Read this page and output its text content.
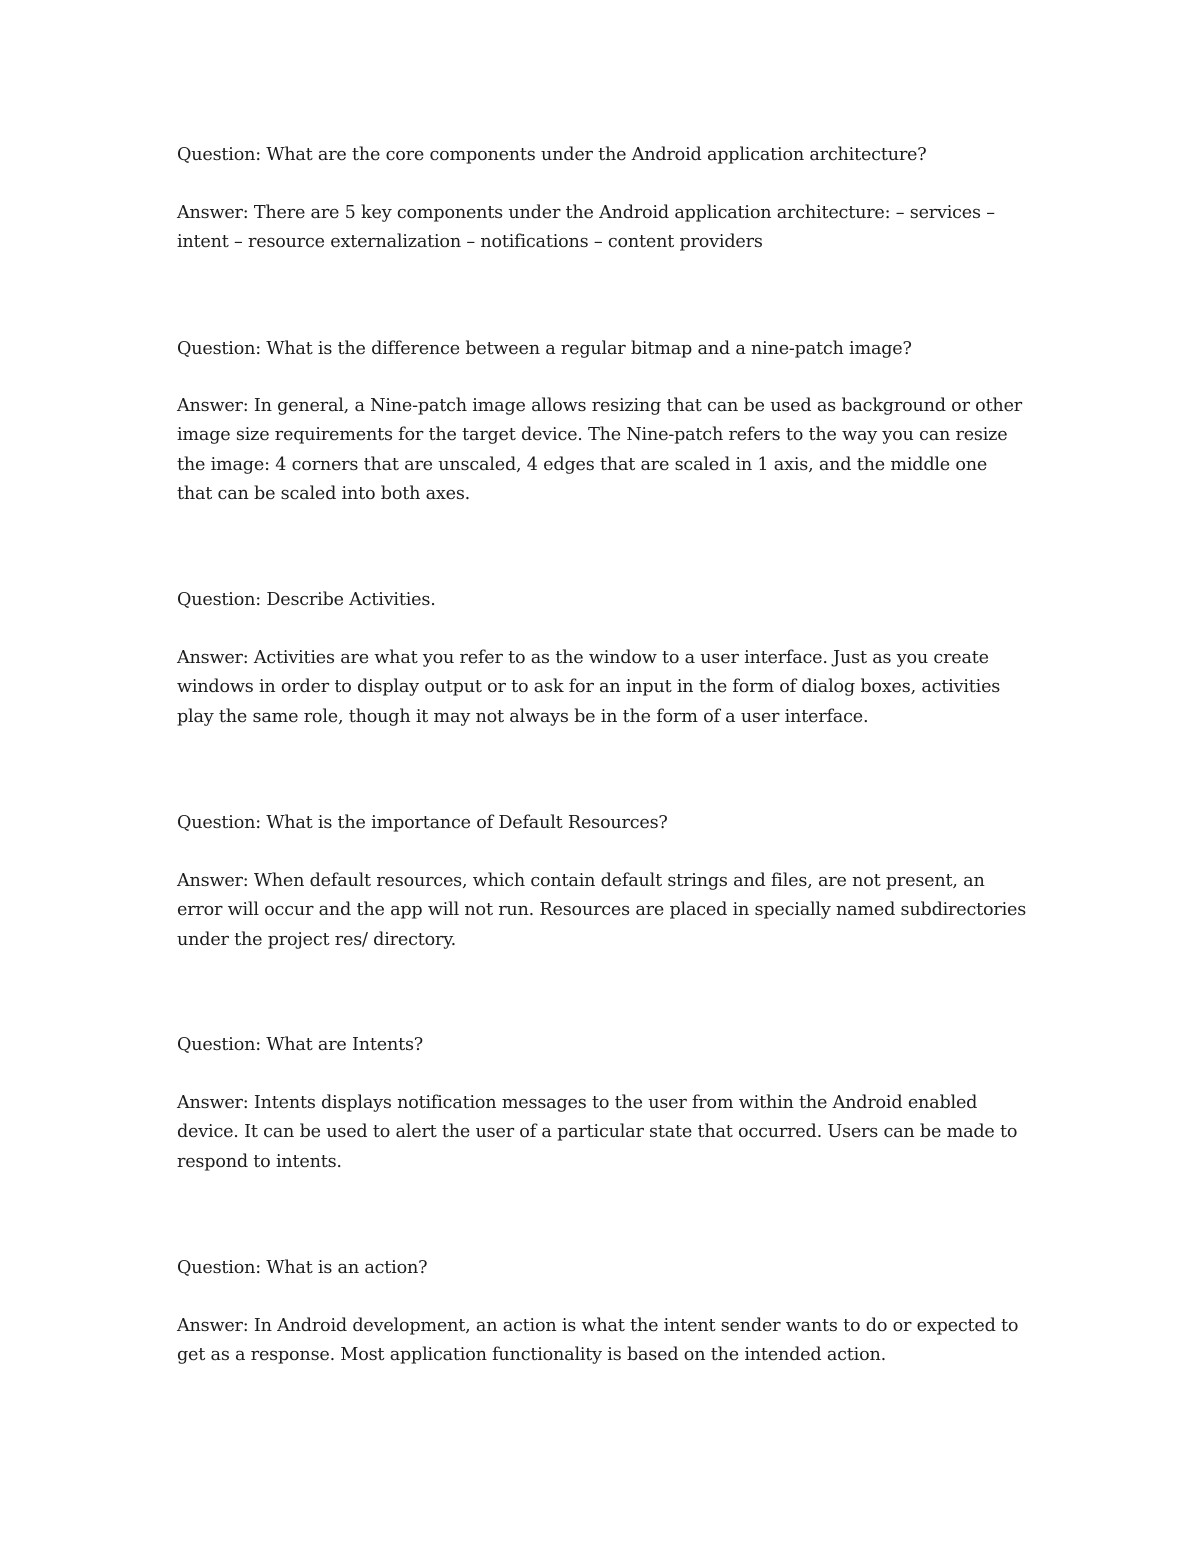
Question: What are the core components under the Android application architecture?

Answer: There are 5 key components under the Android application architecture: – services – intent – resource externalization – notifications – content providers

Question: What is the difference between a regular bitmap and a nine-patch image?

Answer: In general, a Nine-patch image allows resizing that can be used as background or other image size requirements for the target device. The Nine-patch refers to the way you can resize the image: 4 corners that are unscaled, 4 edges that are scaled in 1 axis, and the middle one that can be scaled into both axes.

Question: Describe Activities.

Answer: Activities are what you refer to as the window to a user interface. Just as you create windows in order to display output or to ask for an input in the form of dialog boxes, activities play the same role, though it may not always be in the form of a user interface.

Question: What is the importance of Default Resources?

Answer: When default resources, which contain default strings and files, are not present, an error will occur and the app will not run. Resources are placed in specially named subdirectories under the project res/ directory.

Question: What are Intents?

Answer: Intents displays notification messages to the user from within the Android enabled device. It can be used to alert the user of a particular state that occurred. Users can be made to respond to intents.

Question: What is an action?

Answer: In Android development, an action is what the intent sender wants to do or expected to get as a response. Most application functionality is based on the intended action.
